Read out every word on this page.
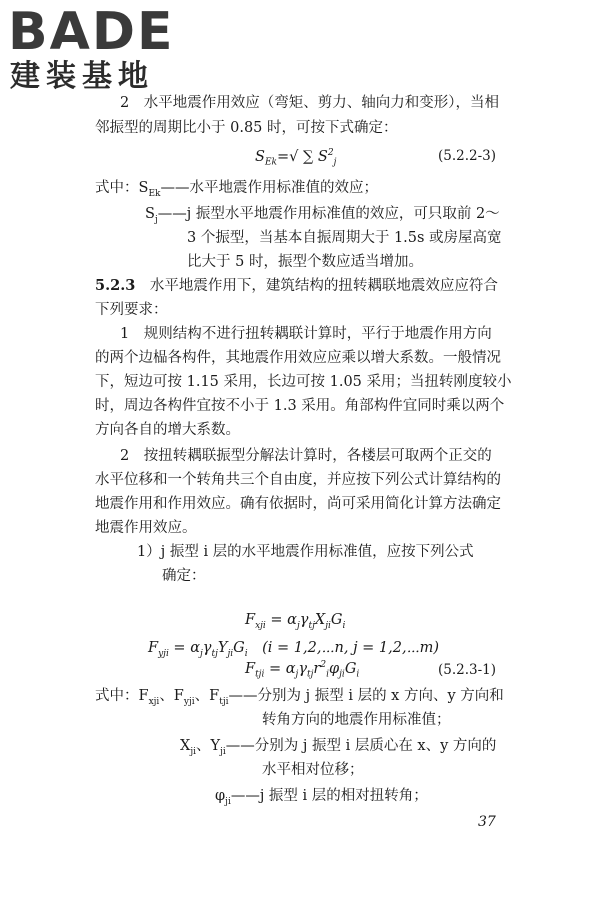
BADE
建装基地
2　水平地震作用效应（弯矩、剪力、轴向力和变形），当相
邻振型的周期比小于 0.85 时，可按下式确定：
$S_{Ek}=√$ ∑ $S^2_j$	(5.2.2-3)
式中：$S_{Ek}——$水平地震作用标准值的效应；
$S_j——j$ 振型水平地震作用标准值的效应，可只取前 2～
3 个振型，当基本自振周期大于 1.5s 或房屋高宽
比大于 5 时，振型个数应适当增加。
5.2.3　 水平地震作用下，建筑结构的扭转耦联地震效应应符合
下列要求：
1　规则结构不进行扭转耦联计算时，平行于地震作用方向
的两个边榀各构件，其地震作用效应应乘以增大系数。一般情况
下，短边可按 1.15 采用，长边可按 1.05 采用；当扭转刚度较小
时，周边各构件宜按不小于 1.3 采用。角部构件宜同时乘以两个
方向各自的增大系数。
2　按扭转耦联振型分解法计算时，各楼层可取两个正交的
水平位移和一个转角共三个自由度，并应按下列公式计算结构的
地震作用和作用效应。确有依据时，尚可采用简化计算方法确定
地震作用效应。
1）j 振型 i 层的水平地震作用标准值，应按下列公式
确定：
$F_{xji} = \alpha_j\gamma_{tj}X_{ji}G_i$
$F_{yji} = \alpha_j\gamma_{tj}Y_{ji}G_i$　 (i = 1,2,⋯n, j = 1,2,⋯m)
$F_{tji} = \alpha_j\gamma_{tj}r^2_i\varphi_{ji}G_i$	(5.2.3-1)
式中：$F_{xji}$、$F_{yji}$、$F_{tji}——$分别为 j 振型 i 层的 x 方向、y 方向和
转角方向的地震作用标准值；
$X_{ji}$、$Y_{ji}——$分别为 j 振型 i 层质心在 x、y 方向的
水平相对位移；
$\varphi_{ji}——j$ 振型 i 层的相对扭转角；
37
